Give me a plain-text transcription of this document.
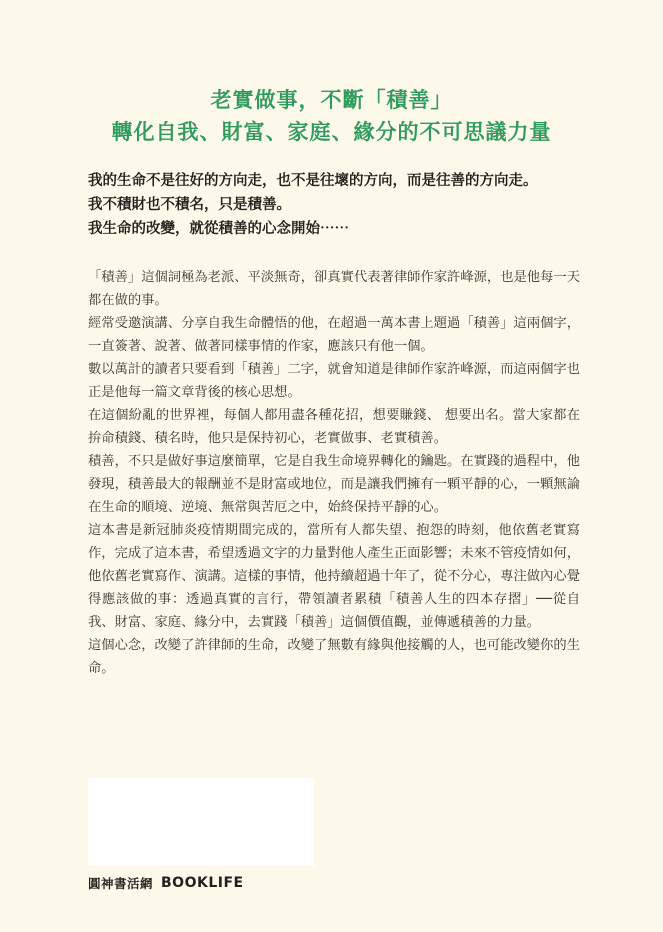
老實做事，不斷「積善」
轉化自我、財富、家庭、緣分的不可思議力量
我的生命不是往好的方向走，也不是往壞的方向，而是往善的方向走。
我不積財也不積名，只是積善。
我生命的改變，就從積善的心念開始⋯⋯

「積善」這個詞極為老派、平淡無奇，卻真實代表著律師作家許峰源，也是他每一天都在做的事。

經常受邀演講、分享自我生命體悟的他，在超過一萬本書上題過「積善」這兩個字，一直簽著、說著、做著同樣事情的作家，應該只有他一個。

數以萬計的讀者只要看到「積善」二字，就會知道是律師作家許峰源，而這兩個字也正是他每一篇文章背後的核心思想。

在這個紛亂的世界裡，每個人都用盡各種花招，想要賺錢、 想要出名。當大家都在拚命積錢、積名時，他只是保持初心，老實做事、老實積善。

積善，不只是做好事這麼簡單，它是自我生命境界轉化的鑰匙。在實踐的過程中，他發現，積善最大的報酬並不是財富或地位，而是讓我們擁有一顆平靜的心，一顆無論在生命的順境、逆境、無常與苦厄之中，始終保持平靜的心。

這本書是新冠肺炎疫情期間完成的，當所有人都失望、抱怨的時刻，他依舊老實寫作，完成了這本書，希望透過文字的力量對他人產生正面影響；未來不管疫情如何，他依舊老實寫作、演講。這樣的事情，他持續超過十年了，從不分心，專注做內心覺得應該做的事：透過真實的言行，帶領讀者累積「積善人生的四本存摺」──從自我、財富、家庭、緣分中，去實踐「積善」這個價值觀，並傳遞積善的力量。

這個心念，改變了許律師的生命，改變了無數有緣與他接觸的人，也可能改變你的生命。

圓神書活網 BOOKLIFE
